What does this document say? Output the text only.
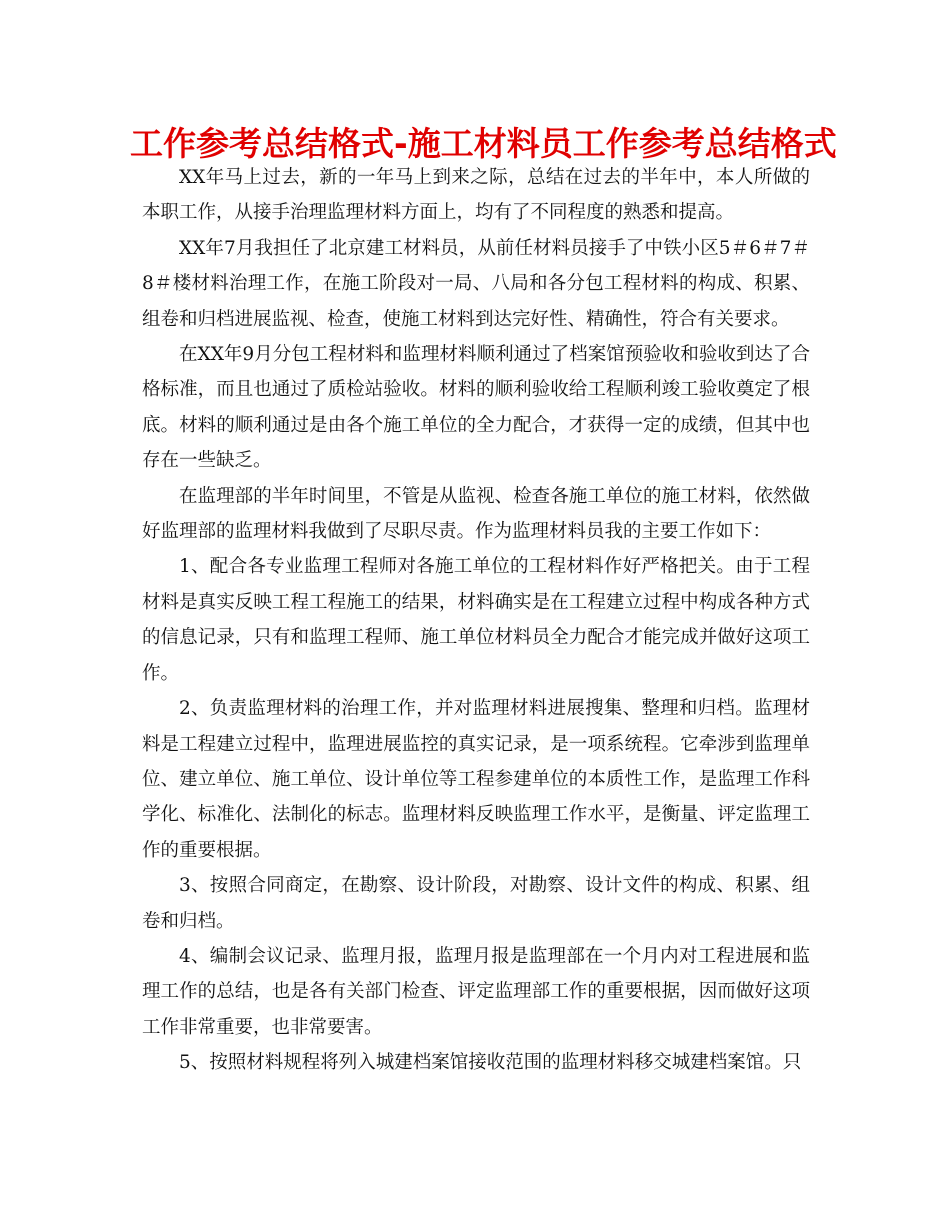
工作参考总结格式-施工材料员工作参考总结格式

XX年马上过去，新的一年马上到来之际，总结在过去的半年中，本人所做的本职工作，从接手治理监理材料方面上，均有了不同程度的熟悉和提高。

XX年7月我担任了北京建工材料员，从前任材料员接手了中铁小区5＃6＃7＃8＃楼材料治理工作，在施工阶段对一局、八局和各分包工程材料的构成、积累、组卷和归档进展监视、检查，使施工材料到达完好性、精确性，符合有关要求。

在XX年9月分包工程材料和监理材料顺利通过了档案馆预验收和验收到达了合格标准，而且也通过了质检站验收。材料的顺利验收给工程顺利竣工验收奠定了根底。材料的顺利通过是由各个施工单位的全力配合，才获得一定的成绩，但其中也存在一些缺乏。

在监理部的半年时间里，不管是从监视、检查各施工单位的施工材料，依然做好监理部的监理材料我做到了尽职尽责。作为监理材料员我的主要工作如下：

1、配合各专业监理工程师对各施工单位的工程材料作好严格把关。由于工程材料是真实反映工程工程施工的结果，材料确实是在工程建立过程中构成各种方式的信息记录，只有和监理工程师、施工单位材料员全力配合才能完成并做好这项工作。

2、负责监理材料的治理工作，并对监理材料进展搜集、整理和归档。监理材料是工程建立过程中，监理进展监控的真实记录，是一项系统程。它牵涉到监理单位、建立单位、施工单位、设计单位等工程参建单位的本质性工作，是监理工作科学化、标准化、法制化的标志。监理材料反映监理工作水平，是衡量、评定监理工作的重要根据。

3、按照合同商定，在勘察、设计阶段，对勘察、设计文件的构成、积累、组卷和归档。

4、编制会议记录、监理月报，监理月报是监理部在一个月内对工程进展和监理工作的总结，也是各有关部门检查、评定监理部工作的重要根据，因而做好这项工作非常重要，也非常要害。

5、按照材料规程将列入城建档案馆接收范围的监理材料移交城建档案馆。只
